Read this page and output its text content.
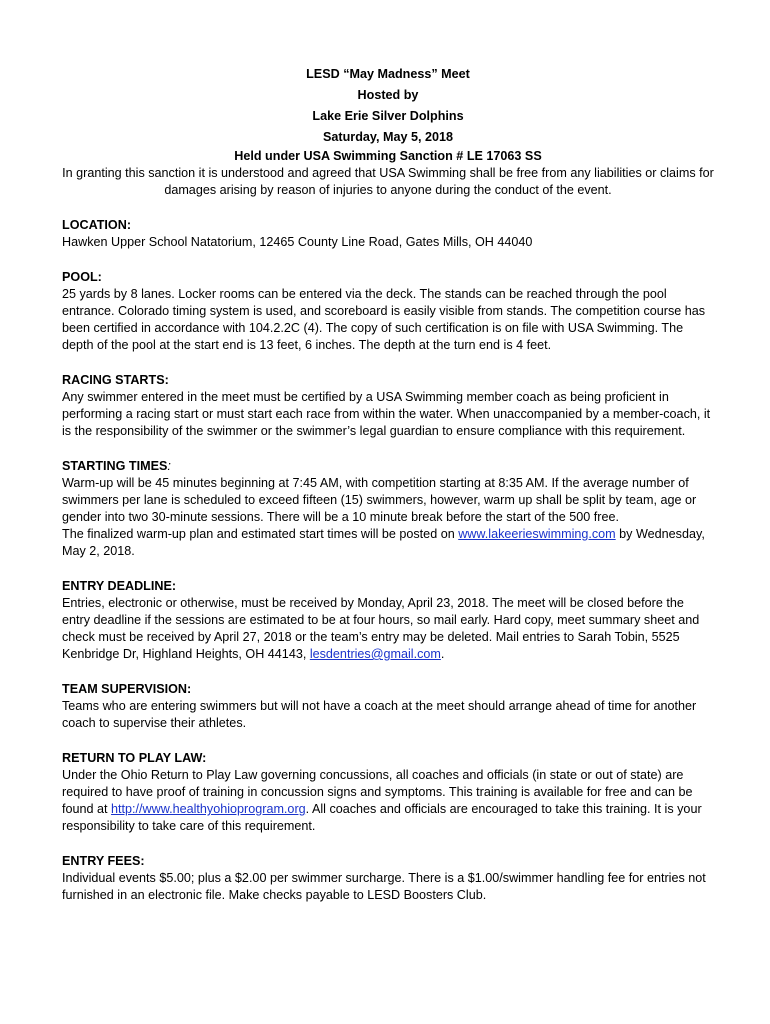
LESD “May Madness” Meet
Hosted by
Lake Erie Silver Dolphins
Saturday, May 5, 2018
Held under USA Swimming Sanction # LE 17063 SS

In granting this sanction it is understood and agreed that USA Swimming shall be free from any liabilities or claims for damages arising by reason of injuries to anyone during the conduct of the event.

LOCATION:
Hawken Upper School Natatorium, 12465 County Line Road, Gates Mills, OH 44040
POOL:
25 yards by 8 lanes. Locker rooms can be entered via the deck. The stands can be reached through the pool entrance. Colorado timing system is used, and scoreboard is easily visible from stands. The competition course has been certified in accordance with 104.2.2C (4). The copy of such certification is on file with USA Swimming. The depth of the pool at the start end is 13 feet, 6 inches. The depth at the turn end is 4 feet.
RACING STARTS:
Any swimmer entered in the meet must be certified by a USA Swimming member coach as being proficient in performing a racing start or must start each race from within the water. When unaccompanied by a member-coach, it is the responsibility of the swimmer or the swimmer’s legal guardian to ensure compliance with this requirement.
STARTING TIMES:
Warm-up will be 45 minutes beginning at 7:45 AM, with competition starting at 8:35 AM. If the average number of swimmers per lane is scheduled to exceed fifteen (15) swimmers, however, warm up shall be split by team, age or gender into two 30-minute sessions. There will be a 10 minute break before the start of the 500 free.
The finalized warm-up plan and estimated start times will be posted on www.lakeerieswimming.com by Wednesday, May 2, 2018.
ENTRY DEADLINE:
Entries, electronic or otherwise, must be received by Monday, April 23, 2018. The meet will be closed before the entry deadline if the sessions are estimated to be at four hours, so mail early. Hard copy, meet summary sheet and check must be received by April 27, 2018 or the team’s entry may be deleted. Mail entries to Sarah Tobin, 5525 Kenbridge Dr, Highland Heights, OH 44143, lesdentries@gmail.com.
TEAM SUPERVISION:
Teams who are entering swimmers but will not have a coach at the meet should arrange ahead of time for another coach to supervise their athletes.
RETURN TO PLAY LAW:
Under the Ohio Return to Play Law governing concussions, all coaches and officials (in state or out of state) are required to have proof of training in concussion signs and symptoms. This training is available for free and can be found at http://www.healthyohioprogram.org. All coaches and officials are encouraged to take this training. It is your responsibility to take care of this requirement.
ENTRY FEES:
Individual events $5.00; plus a $2.00 per swimmer surcharge. There is a $1.00/swimmer handling fee for entries not furnished in an electronic file. Make checks payable to LESD Boosters Club.
